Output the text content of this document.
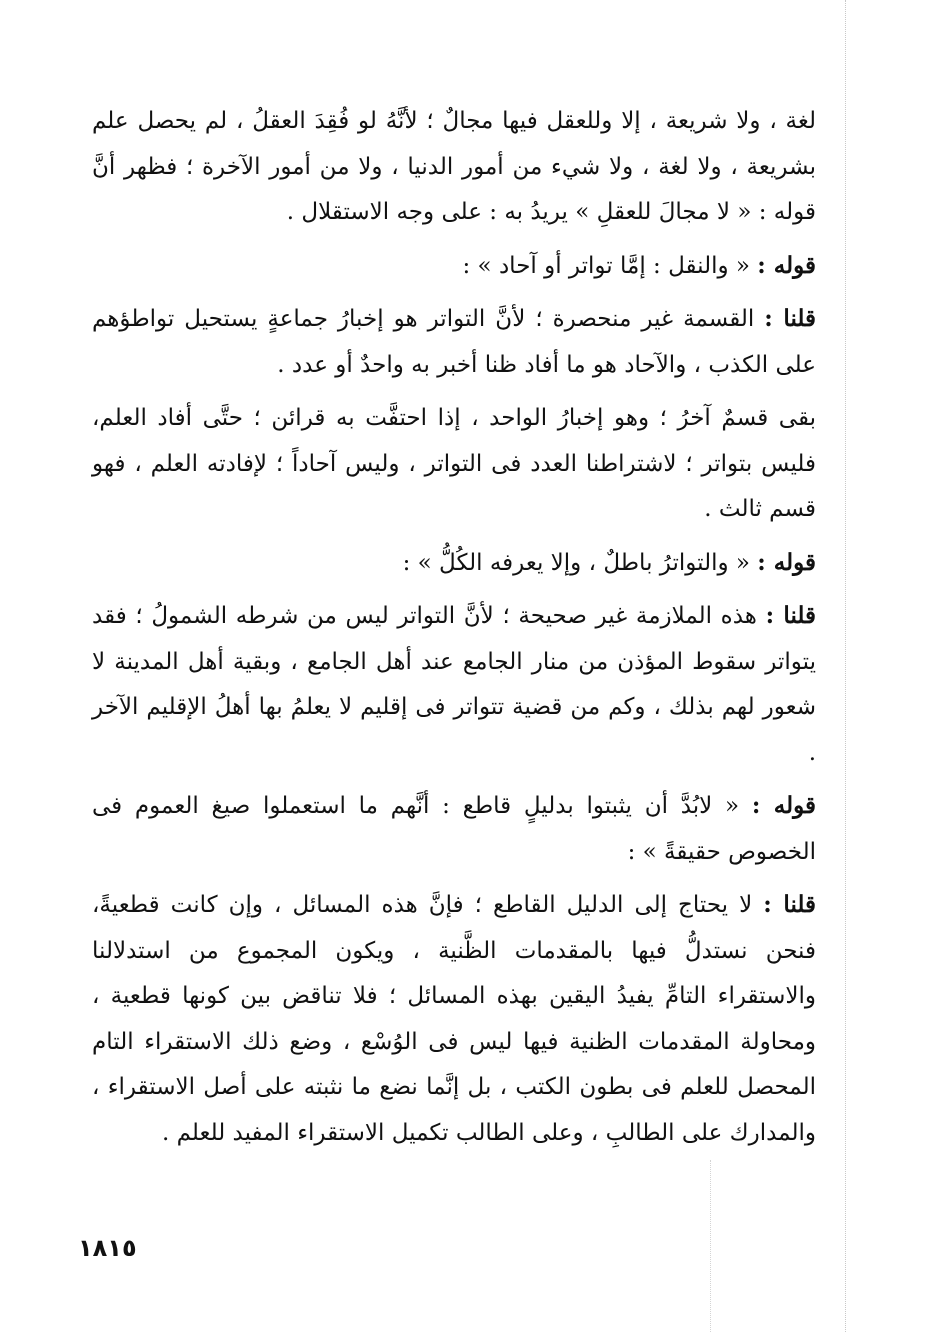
لغة ، ولا شريعة ، إلا وللعقل فيها مجالٌ ؛ لأنَّهُ لو فُقِدَ العقلُ ، لم يحصل علم بشريعة ، ولا لغة ، ولا شيء من أمور الدنيا ، ولا من أمور الآخرة ؛ فظهر أنَّ قوله : « لا مجالَ للعقلِ » يريدُ به : على وجه الاستقلال .

قوله : « والنقل : إمَّا تواتر أو آحاد » :

قلنا : القسمة غير منحصرة ؛ لأنَّ التواتر هو إخبارُ جماعةٍ يستحيل تواطؤهم على الكذب ، والآحاد هو ما أفاد ظنا أخبر به واحدٌ أو عدد .

بقى قسمٌ آخرُ ؛ وهو إخبارُ الواحد ، إذا احتفَّت به قرائن ؛ حتَّى أفاد العلم، فليس بتواتر ؛ لاشتراطنا العدد فى التواتر ، وليس آحاداً ؛ لإفادته العلم ، فهو قسم ثالث .

قوله : « والتواترُ باطلٌ ، وإلا يعرفه الكُلُّ » :

قلنا : هذه الملازمة غير صحيحة ؛ لأنَّ التواتر ليس من شرطه الشمولُ ؛ فقد يتواتر سقوط المؤذن من منار الجامع عند أهل الجامع ، وبقية أهل المدينة لا شعور لهم بذلك ، وكم من قضية تتواتر فى إقليم لا يعلمُ بها أهلُ الإقليم الآخر .

قوله : « لابُدَّ أن يثبتوا بدليلٍ قاطع : أنَّهم ما استعملوا صيغ العموم فى الخصوص حقيقةً » :

قلنا : لا يحتاج إلى الدليل القاطع ؛ فإنَّ هذه المسائل ، وإن كانت قطعيةً، فنحن نستدلُّ فيها بالمقدمات الظَّنية ، ويكون المجموع من استدلالنا والاستقراء التامِّ يفيدُ اليقين بهذه المسائل ؛ فلا تناقض بين كونها قطعية ، ومحاولة المقدمات الظنية فيها ليس فى الوُسْع ، وضع ذلك الاستقراء التام المحصل للعلم فى بطون الكتب ، بل إنَّما نضع ما نثبته على أصل الاستقراء ، والمدارك على الطالبِ ، وعلى الطالب تكميل الاستقراء المفيد للعلم .

١٨١٥
